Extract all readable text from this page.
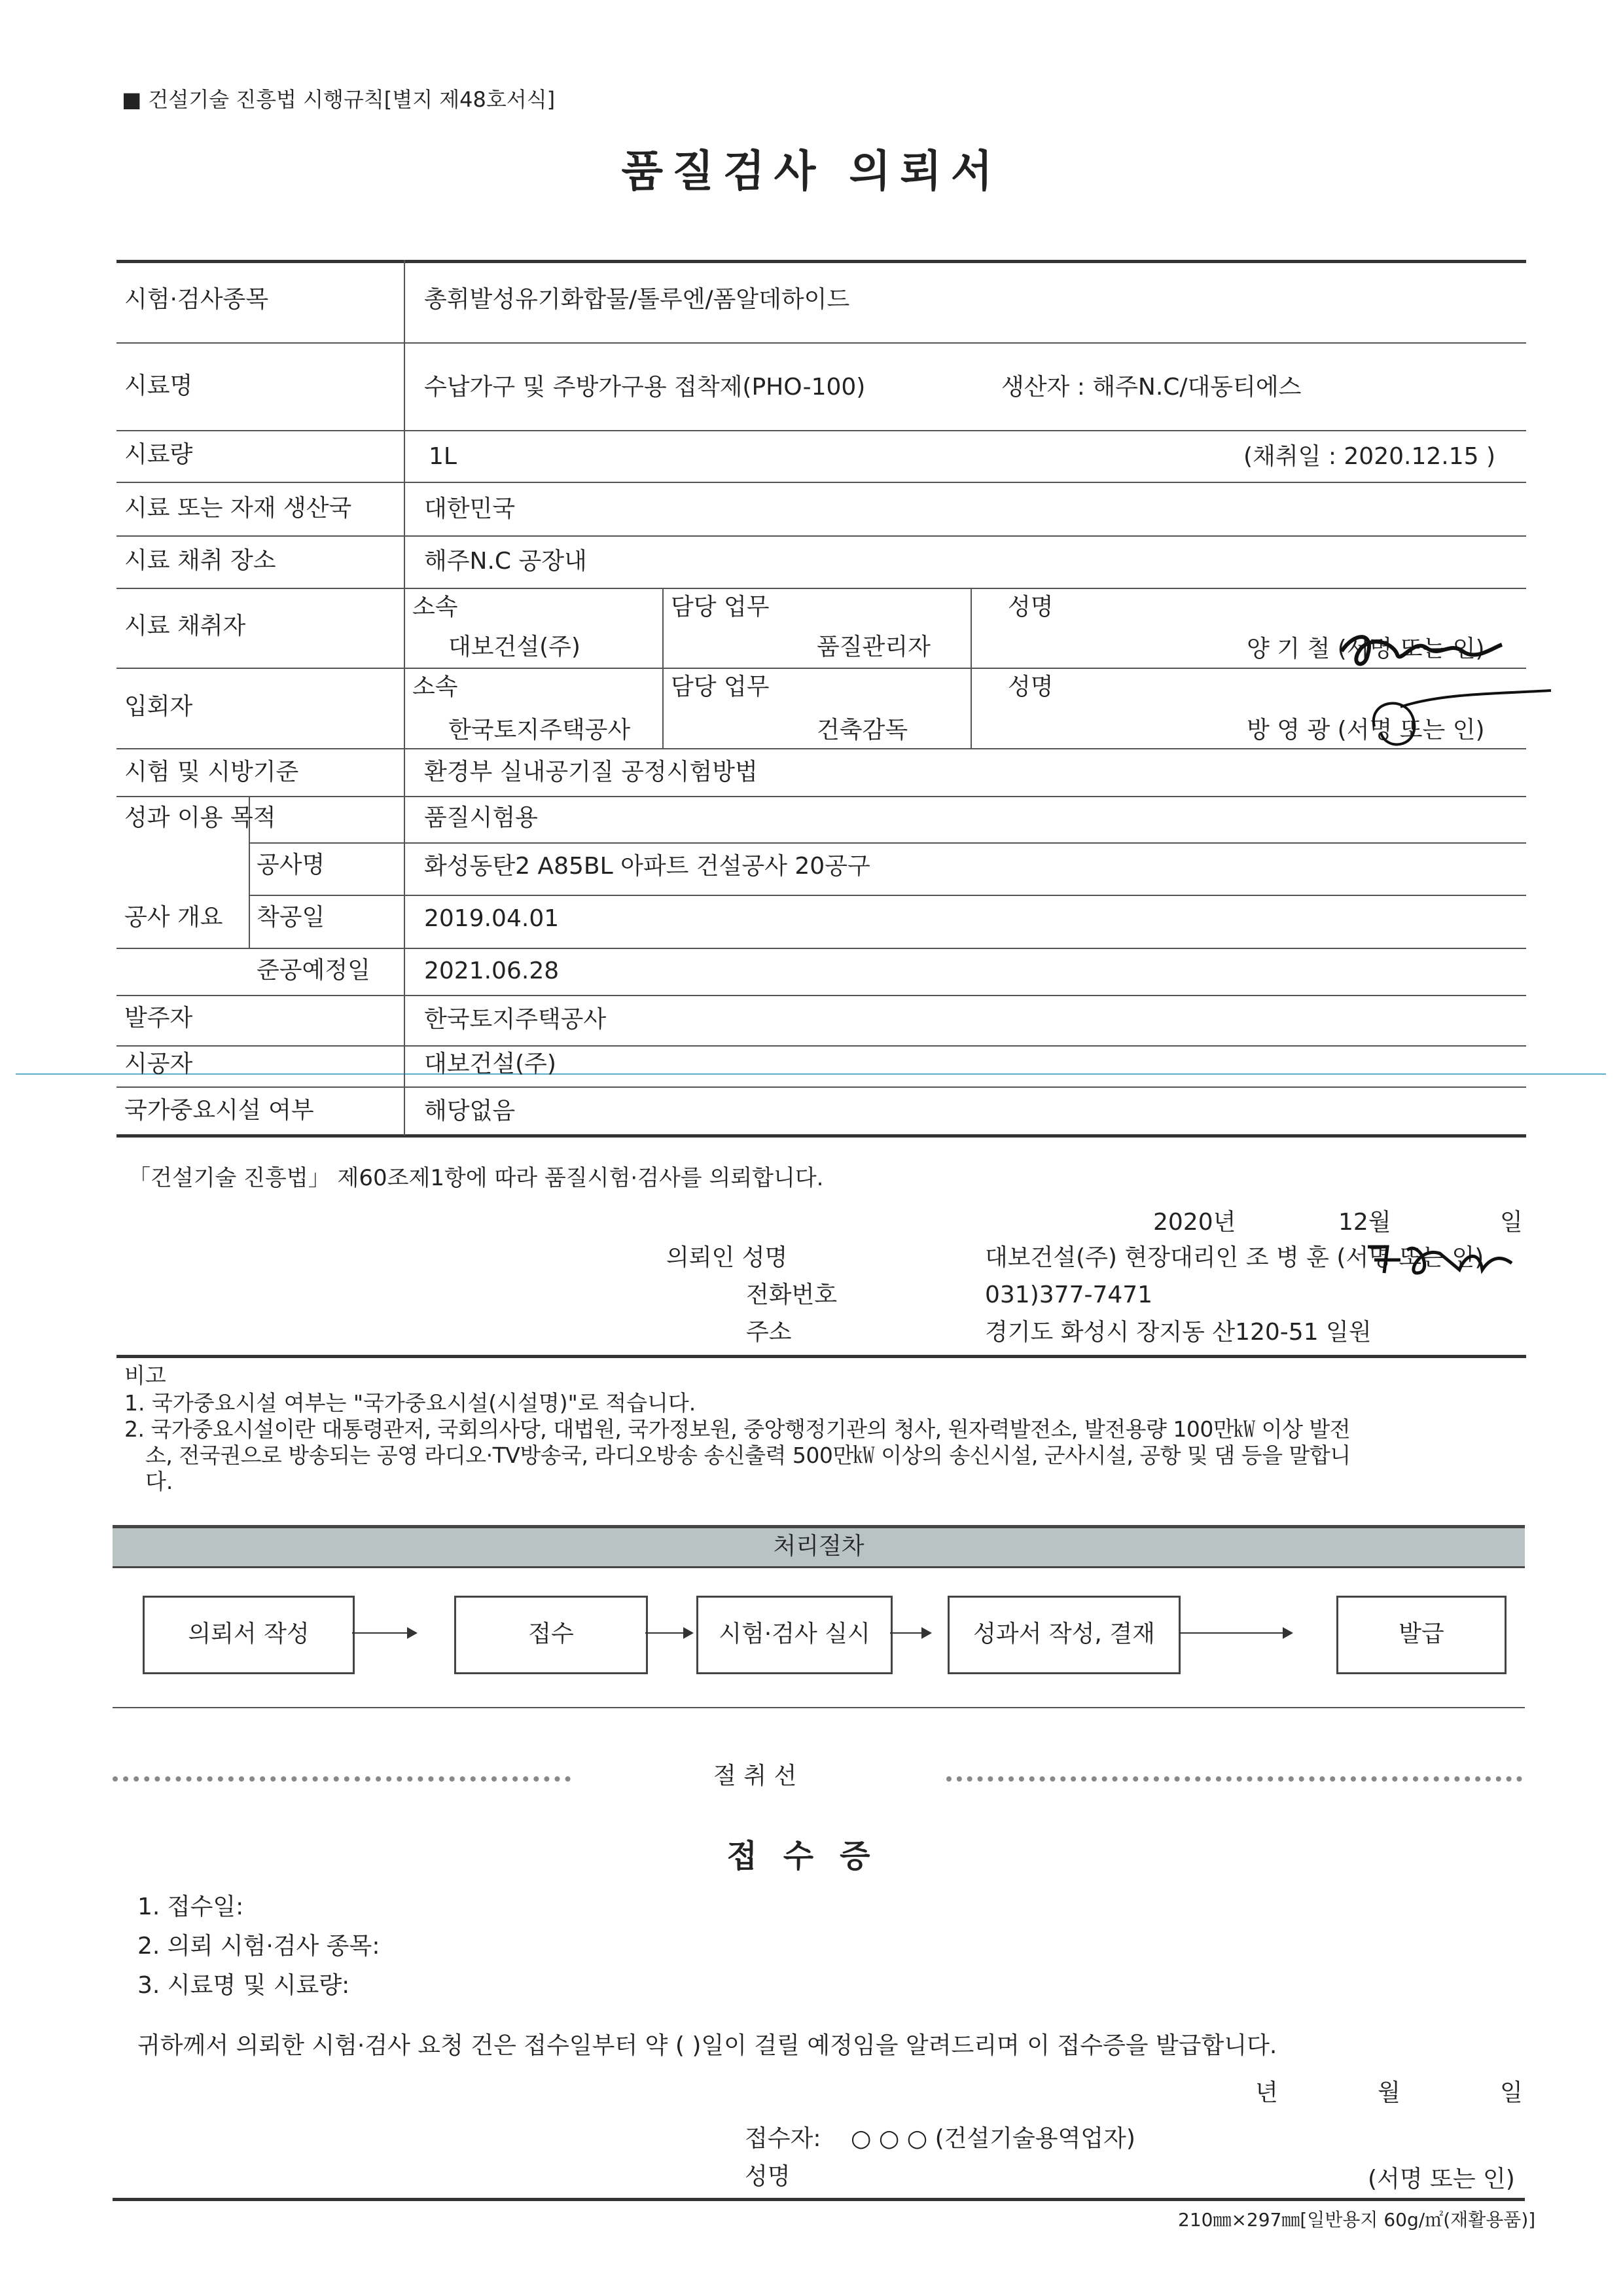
■ 건설기술 진흥법 시행규칙[별지 제48호서식]
품질검사 의뢰서
시험·검사종목	총휘발성유기화합물/톨루엔/폼알데하이드
시료명	수납가구 및 주방가구용 접착제(PHO-100)	생산자 : 해주N.C/대동티에스
시료량	1L	(채취일 : 2020.12.15 )
시료 또는 자재 생산국	대한민국
시료 채취 장소	해주N.C 공장내
시료 채취자
소속	담당 업무	성명
대보건설(주)	품질관리자	양 기 철 (서명 또는 인)
입회자
소속	담당 업무	성명
한국토지주택공사	건축감독	방 영 광 (서명 또는 인)
시험 및 시방기준	환경부 실내공기질 공정시험방법
성과 이용 목적	품질시험용
공사 개요
공사명	화성동탄2 A85BL 아파트 건설공사 20공구
착공일	2019.04.01
준공예정일 2021.06.28
발주자	한국토지주택공사
시공자	대보건설(주)
국가중요시설 여부	해당없음
「건설기술 진흥법」 제60조제1항에 따라 품질시험·검사를 의뢰합니다.
2020년	12월	일
의뢰인 성명	대보건설(주) 현장대리인 조 병 훈 (서명 또는 인)
전화번호	031)377-7471
주소	경기도 화성시 장지동 산120-51 일원
비고
1. 국가중요시설 여부는 "국가중요시설(시설명)"로 적습니다.
2. 국가중요시설이란 대통령관저, 국회의사당, 대법원, 국가정보원, 중앙행정기관의 청사, 원자력발전소, 발전용량 100만㎾ 이상 발전
소, 전국권으로 방송되는 공영 라디오·TV방송국, 라디오방송 송신출력 500만㎾ 이상의 송신시설, 군사시설, 공항 및 댐 등을 말합니
다.
처리절차
의뢰서 작성	접수	시험·검사 실시	성과서 작성, 결재	발급
절 취 선
접수증
1. 접수일:
2. 의뢰 시험·검사 종목:
3. 시료명 및 시료량:
귀하께서 의뢰한 시험·검사 요청 건은 접수일부터 약 ( )일이 걸릴 예정임을 알려드리며 이 접수증을 발급합니다.
년	월	일
접수자: ○ ○ ○ (건설기술용역업자)
성명	(서명 또는 인)
210㎜×297㎜[일반용지 60g/㎡(재활용품)]
